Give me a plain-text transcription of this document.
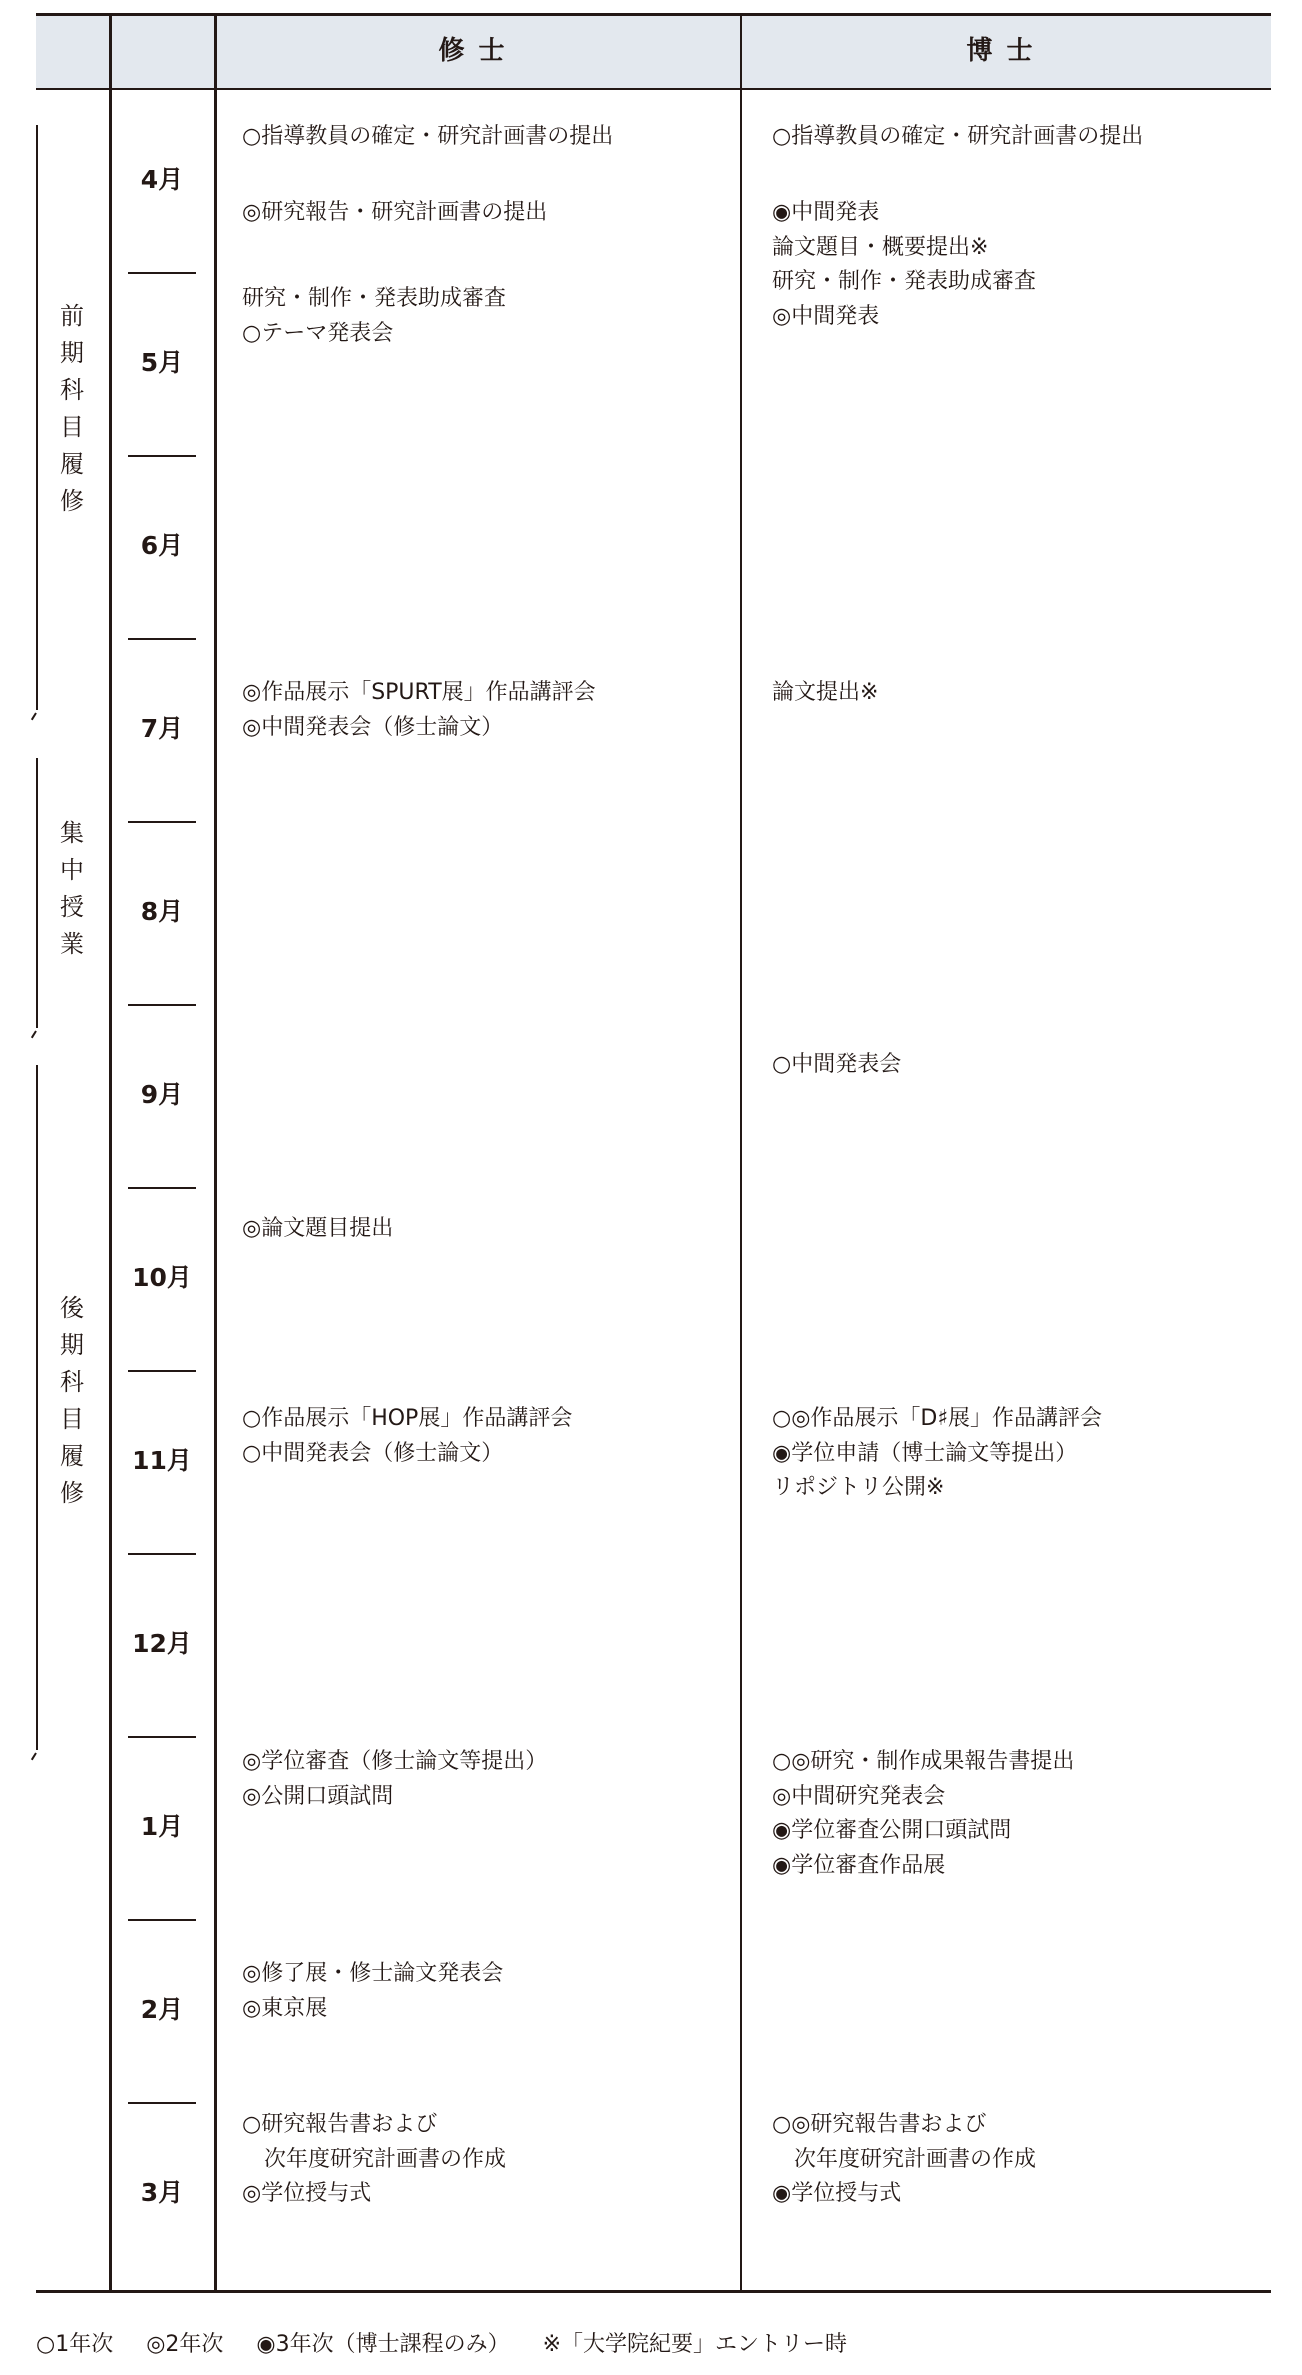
修士	博士
前期科目履修
集中授業
後期科目履修
4月
5月
6月
7月
8月
9月
10月
11月
12月
1月
2月
3月
○指導教員の確定・研究計画書の提出
◎研究報告・研究計画書の提出
研究・制作・発表助成審査
○テーマ発表会
◎作品展示「SPURT展」作品講評会
◎中間発表会（修士論文）
◎論文題目提出
○作品展示「HOP展」作品講評会
○中間発表会（修士論文）
◎学位審査（修士論文等提出）
◎公開口頭試問
◎修了展・修士論文発表会
◎東京展
○研究報告書および
　次年度研究計画書の作成
◎学位授与式
○指導教員の確定・研究計画書の提出
◉中間発表
論文題目・概要提出※
研究・制作・発表助成審査
◎中間発表
論文提出※
○中間発表会
○◎作品展示「D♯展」作品講評会
◉学位申請（博士論文等提出）
リポジトリ公開※
○◎研究・制作成果報告書提出
◎中間研究発表会
◉学位審査公開口頭試問
◉学位審査作品展
○◎研究報告書および
　次年度研究計画書の作成
◉学位授与式
○1年次 ◎2年次 ◉3年次（博士課程のみ） ※「大学院紀要」エントリー時
